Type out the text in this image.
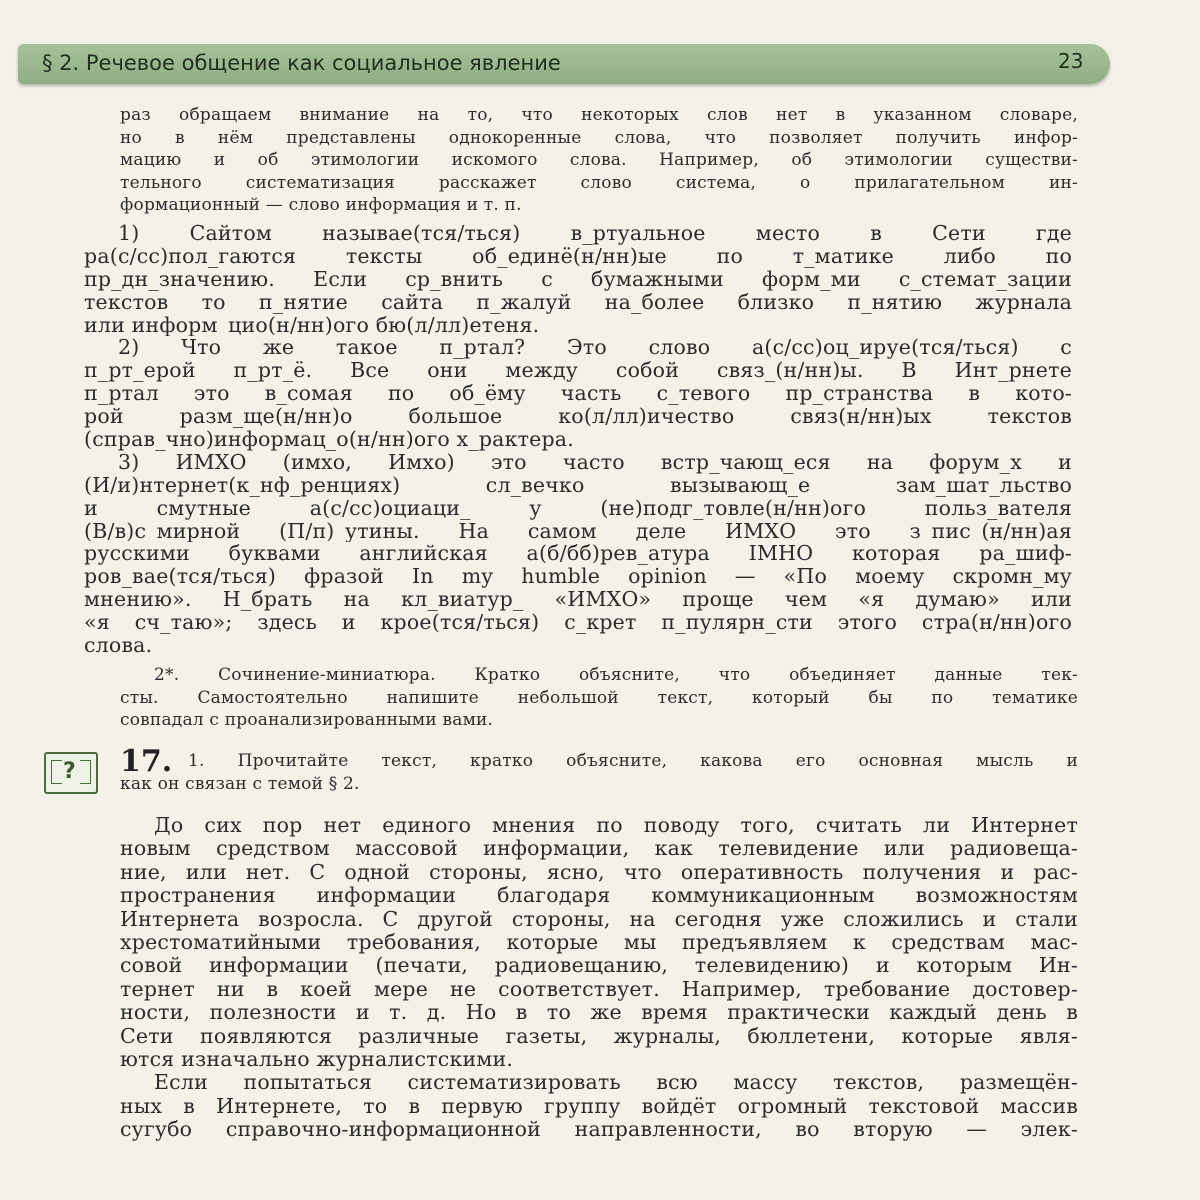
§ 2. Речевое общение как социальное явление	23
раз обращаем внимание на то, что некоторых слов нет в указанном словаре,
но в нём представлены однокоренные слова, что позволяет получить инфор-
мацию и об этимологии искомого слова. Например, об этимологии существи-
тельного систематизация расскажет слово система, о прилагательном ин-
формационный — слово информация и т. п.
1) Сайтом называе(тся/ться) в_ртуальное место в Сети где
ра(с/сс)пол_гаются тексты об_единё(н/нн)ые по т_матике либо по
пр_дн_значению. Если ср_внить с бумажными форм_ми с_стемат_зации
текстов то п_нятие сайта п_жалуй на_более близко п_нятию журнала
или информ_цио(н/нн)ого бю(л/лл)етеня.
2) Что же такое п_ртал? Это слово а(с/сс)оц_ируе(тся/ться) с
п_рт_ерой п_рт_ё. Все они между собой связ_(н/нн)ы. В Инт_рнете
п_ртал это в_сомая по об_ёму часть с_тевого пр_странства в кото-
рой разм_ще(н/нн)о большое ко(л/лл)ичество связ(н/нн)ых текстов
(справ_чно)информац_о(н/нн)ого х_рактера.
3) ИМХО (имхо, Имхо) это часто встр_чающ_еся на форум_х и
(И/и)нтернет(к_нф_ренциях) сл_вечко вызывающ_е зам_шат_льство
и смутные а(с/сс)оциаци_ у (не)подг_товле(н/нн)ого польз_вателя
(В/в)с_мирной (П/п)_утины. На самом деле ИМХО это з_пис_(н/нн)ая
русскими буквами английская а(б/бб)рев_атура IMHO которая ра_шиф-
ров_вае(тся/ться) фразой In my humble opinion — «По моему скромн_му
мнению». Н_брать на кл_виатур_ «ИМХО» проще чем «я думаю» или
«я сч_таю»; здесь и кроe(тся/ться) с_крет п_пулярн_сти этого стра(н/нн)ого
слова.
2*. Сочинение-миниатюра. Кратко объясните, что объединяет данные тек-
сты. Самостоятельно напишите небольшой текст, который бы по тематике
совпадал с проанализированными вами.
? 17. 1. Прочитайте текст, кратко объясните, какова его основная мысль и
как он связан с темой § 2.
До сих пор нет единого мнения по поводу того, считать ли Интернет
новым средством массовой информации, как телевидение или радиовеща-
ние, или нет. С одной стороны, ясно, что оперативность получения и рас-
пространения информации благодаря коммуникационным возможностям
Интернета возросла. С другой стороны, на сегодня уже сложились и стали
хрестоматийными требования, которые мы предъявляем к средствам мас-
совой информации (печати, радиовещанию, телевидению) и которым Ин-
тернет ни в коей мере не соответствует. Например, требование достовер-
ности, полезности и т. д. Но в то же время практически каждый день в
Сети появляются различные газеты, журналы, бюллетени, которые явля-
ются изначально журналистскими.
Если попытаться систематизировать всю массу текстов, размещён-
ных в Интернете, то в первую группу войдёт огромный текстовой массив
сугубо справочно-информационной направленности, во вторую — элек-
